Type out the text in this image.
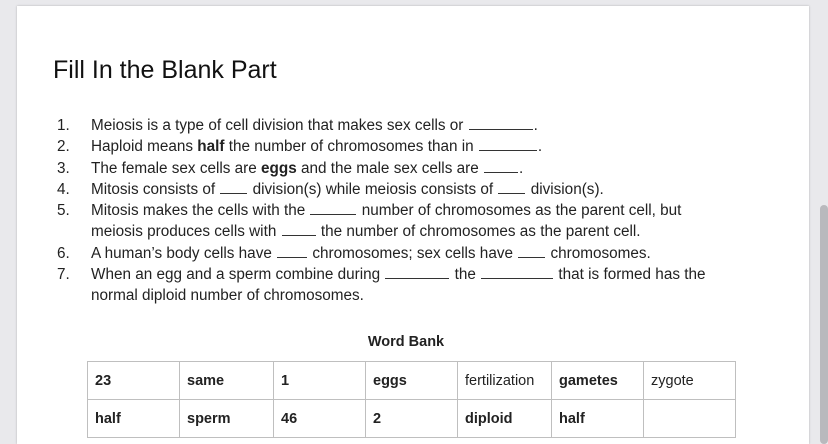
Fill In the Blank Part
1. Meiosis is a type of cell division that makes sex cells or	.
2. Haploid means half the number of chromosomes than in	.
3. The female sex cells are eggs and the male sex cells are	.
4. Mitosis consists of division(s) while meiosis consists of division(s).
5. Mitosis makes the cells with the	number of chromosomes as the parent cell, but
meiosis produces cells with	the number of chromosomes as the parent cell.
6. A human’s body cells have	chromosomes; sex cells have chromosomes.
7. When an egg and a sperm combine during	the	that is formed has the
normal diploid number of chromosomes.
Word Bank
23	same	1	eggs	fertilization	gametes	zygote
half	sperm	46	2	diploid	half	
